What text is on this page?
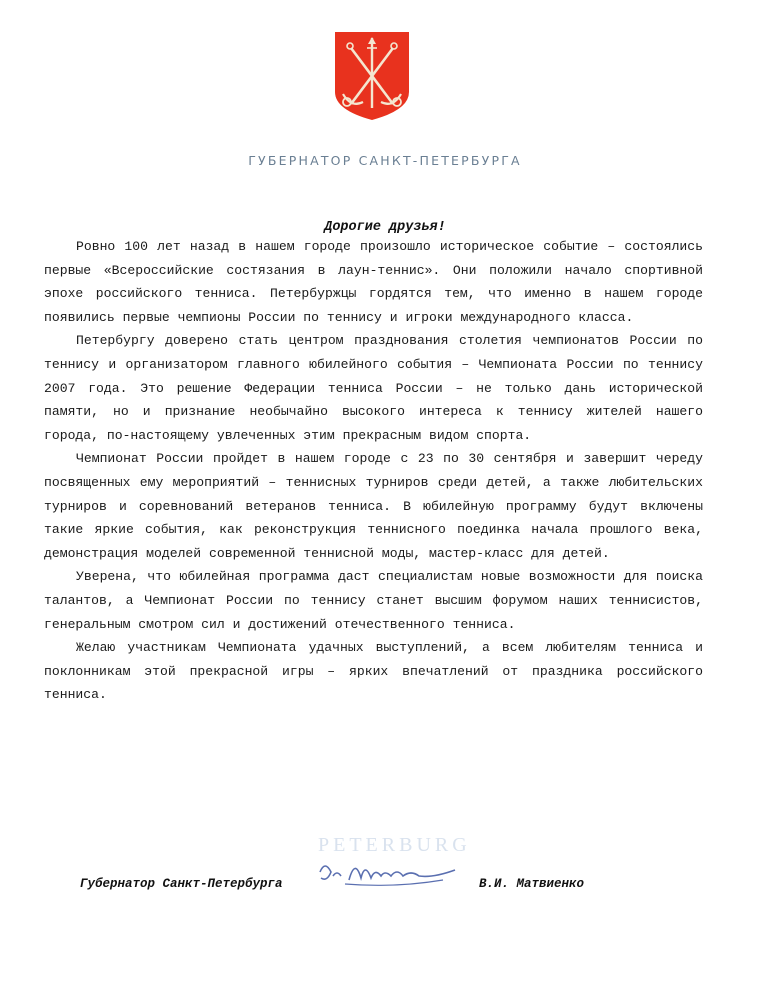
ГУБЕРНАТОР САНКТ-ПЕТЕРБУРГА
Дорогие друзья!

Ровно 100 лет назад в нашем городе произошло историческое событие – состоялись первые «Всероссийские состязания в лаун-теннис». Они положили начало спортивной эпохе российского тенниса. Петербуржцы гордятся тем, что именно в нашем городе появились первые чемпионы России по теннису и игроки международного класса.

Петербургу доверено стать центром празднования столетия чемпионатов России по теннису и организатором главного юбилейного события – Чемпионата России по теннису 2007 года. Это решение Федерации тенниса России – не только дань исторической памяти, но и признание необычайно высокого интереса к теннису жителей нашего города, по-настоящему увлеченных этим прекрасным видом спорта.

Чемпионат России пройдет в нашем городе с 23 по 30 сентября и завершит череду посвященных ему мероприятий – теннисных турниров среди детей, а также любительских турниров и соревнований ветеранов тенниса. В юбилейную программу будут включены такие яркие события, как реконструкция теннисного поединка начала прошлого века, демонстрация моделей современной теннисной моды, мастер-класс для детей.

Уверена, что юбилейная программа даст специалистам новые возможности для поиска талантов, а Чемпионат России по теннису станет высшим форумом наших теннисистов, генеральным смотром сил и достижений отечественного тенниса.

Желаю участникам Чемпионата удачных выступлений, а всем любителям тенниса и поклонникам этой прекрасной игры – ярких впечатлений от праздника российского тенниса.

PETERBURG
Губернатор Санкт-Петербурга	В.И. Матвиенко
